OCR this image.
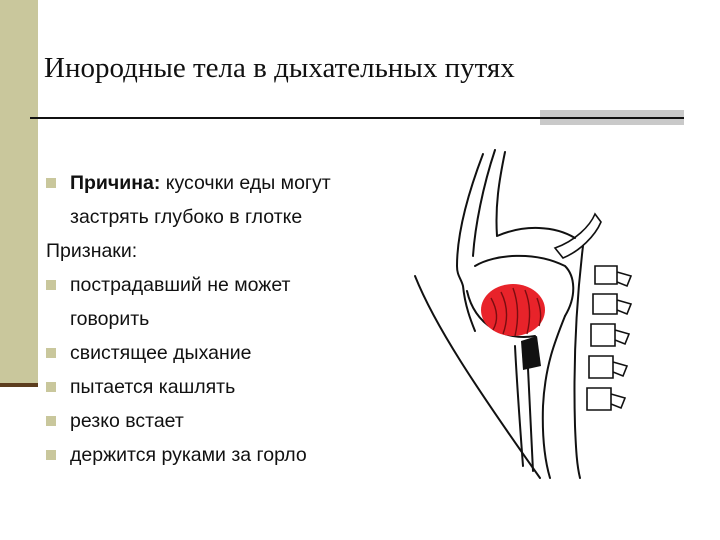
Инородные тела в дыхательных путях
Причина: кусочки еды могут
застрять глубоко в глотке
Признаки:
пострадавший не может
говорить
свистящее дыхание
пытается кашлять
резко встает
держится руками за горло
